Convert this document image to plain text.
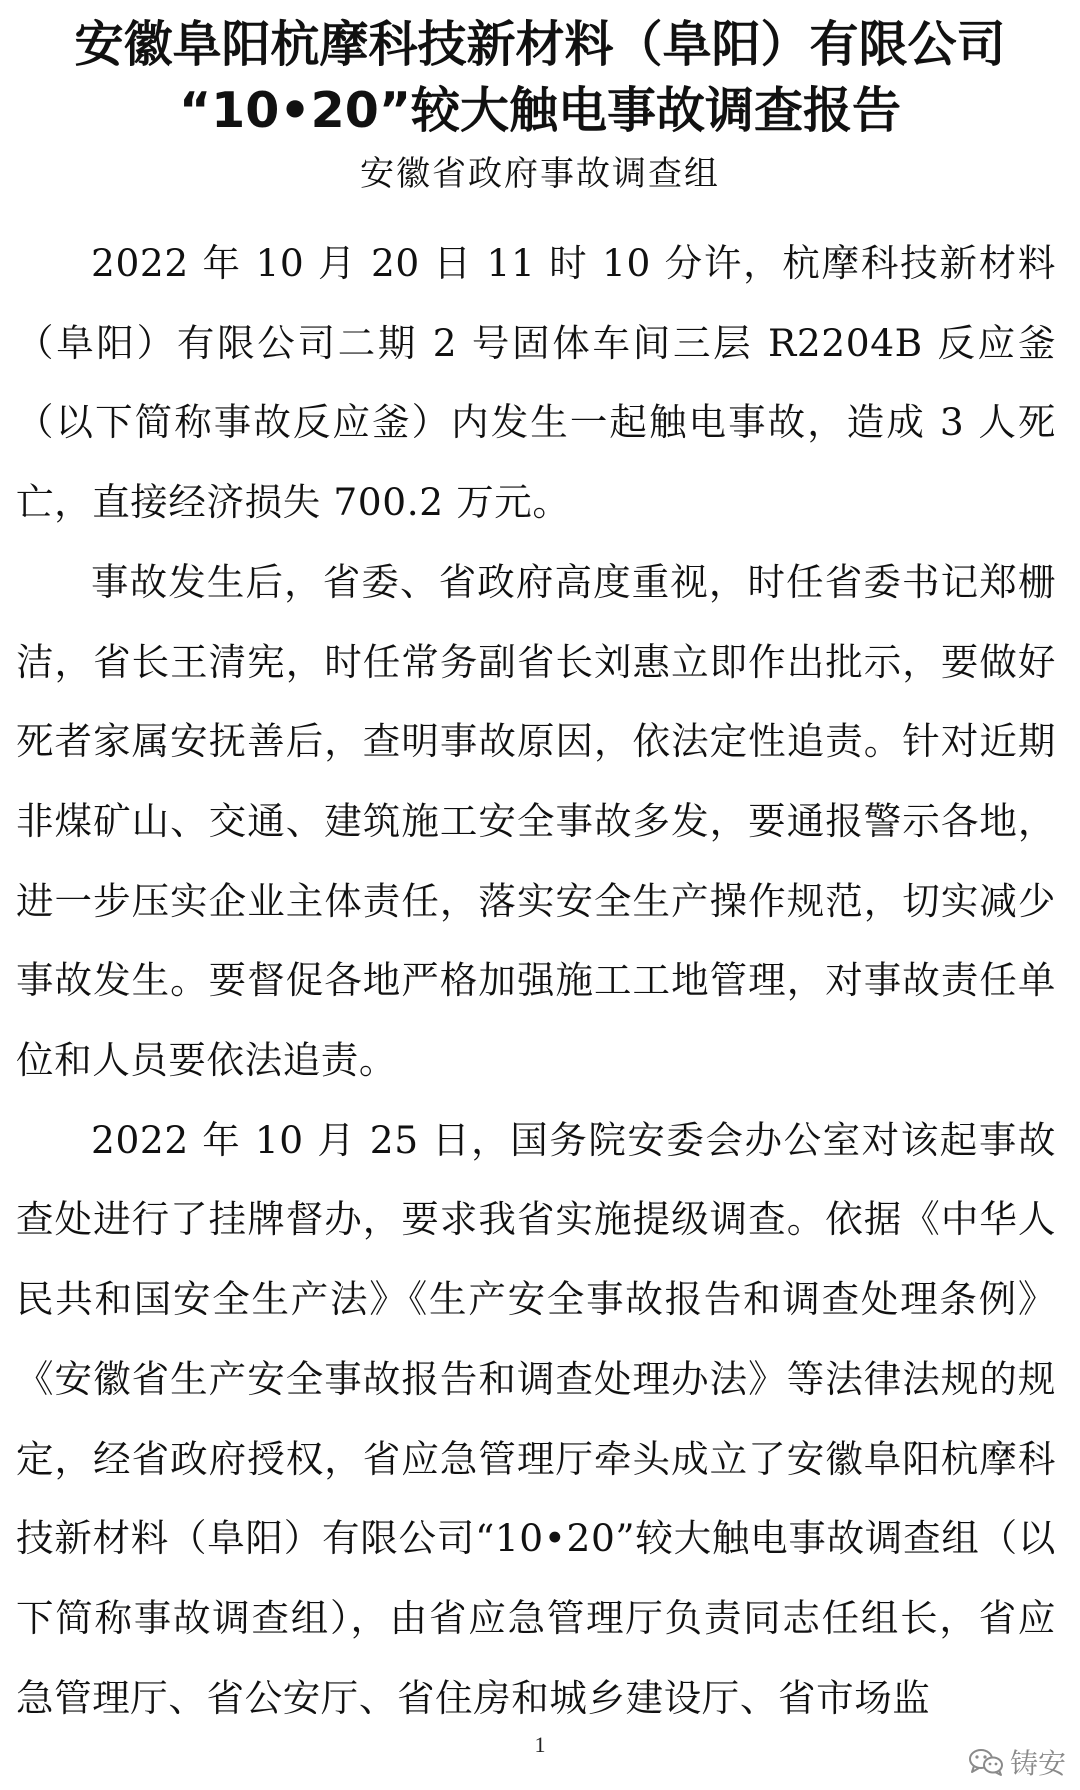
安徽阜阳杭摩科技新材料（阜阳）有限公司
“10•20”较大触电事故调查报告
安徽省政府事故调查组

2022 年 10 月 20 日 11 时 10 分许，杭摩科技新材料（阜阳）有限公司二期 2 号固体车间三层 R2204B 反应釜（以下简称事故反应釜）内发生一起触电事故，造成 3 人死亡，直接经济损失 700.2 万元。

事故发生后，省委、省政府高度重视，时任省委书记郑栅洁，省长王清宪，时任常务副省长刘惠立即作出批示，要做好死者家属安抚善后，查明事故原因，依法定性追责。针对近期非煤矿山、交通、建筑施工安全事故多发，要通报警示各地，进一步压实企业主体责任，落实安全生产操作规范，切实减少事故发生。要督促各地严格加强施工工地管理，对事故责任单位和人员要依法追责。

2022 年 10 月 25 日，国务院安委会办公室对该起事故查处进行了挂牌督办，要求我省实施提级调查。依据《中华人民共和国安全生产法》《生产安全事故报告和调查处理条例》《安徽省生产安全事故报告和调查处理办法》等法律法规的规定，经省政府授权，省应急管理厅牵头成立了安徽阜阳杭摩科技新材料（阜阳）有限公司“10•20”较大触电事故调查组（以下简称事故调查组），由省应急管理厅负责同志任组长，省应急管理厅、省公安厅、省住房和城乡建设厅、省市场监

1
铸安
